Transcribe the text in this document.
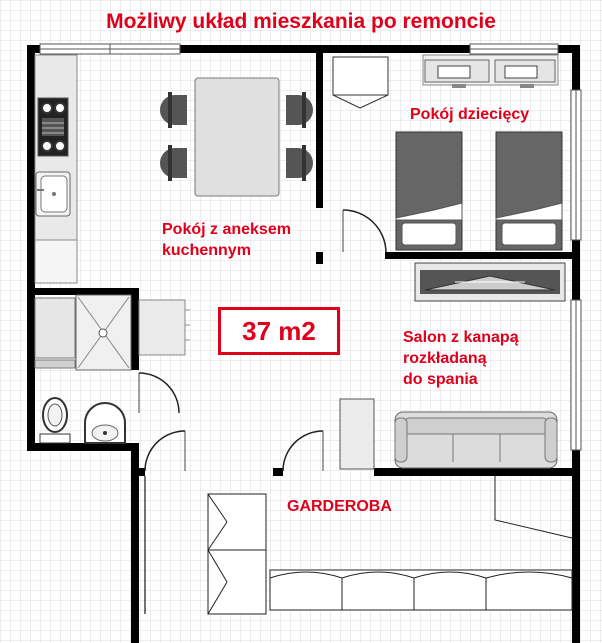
Możliwy układ mieszkania po remoncie
Pokój dziecięcy
Pokój z aneksem
kuchennym
37 m2	Salon z kanapą
rozkładaną
do spania
GARDEROBA
